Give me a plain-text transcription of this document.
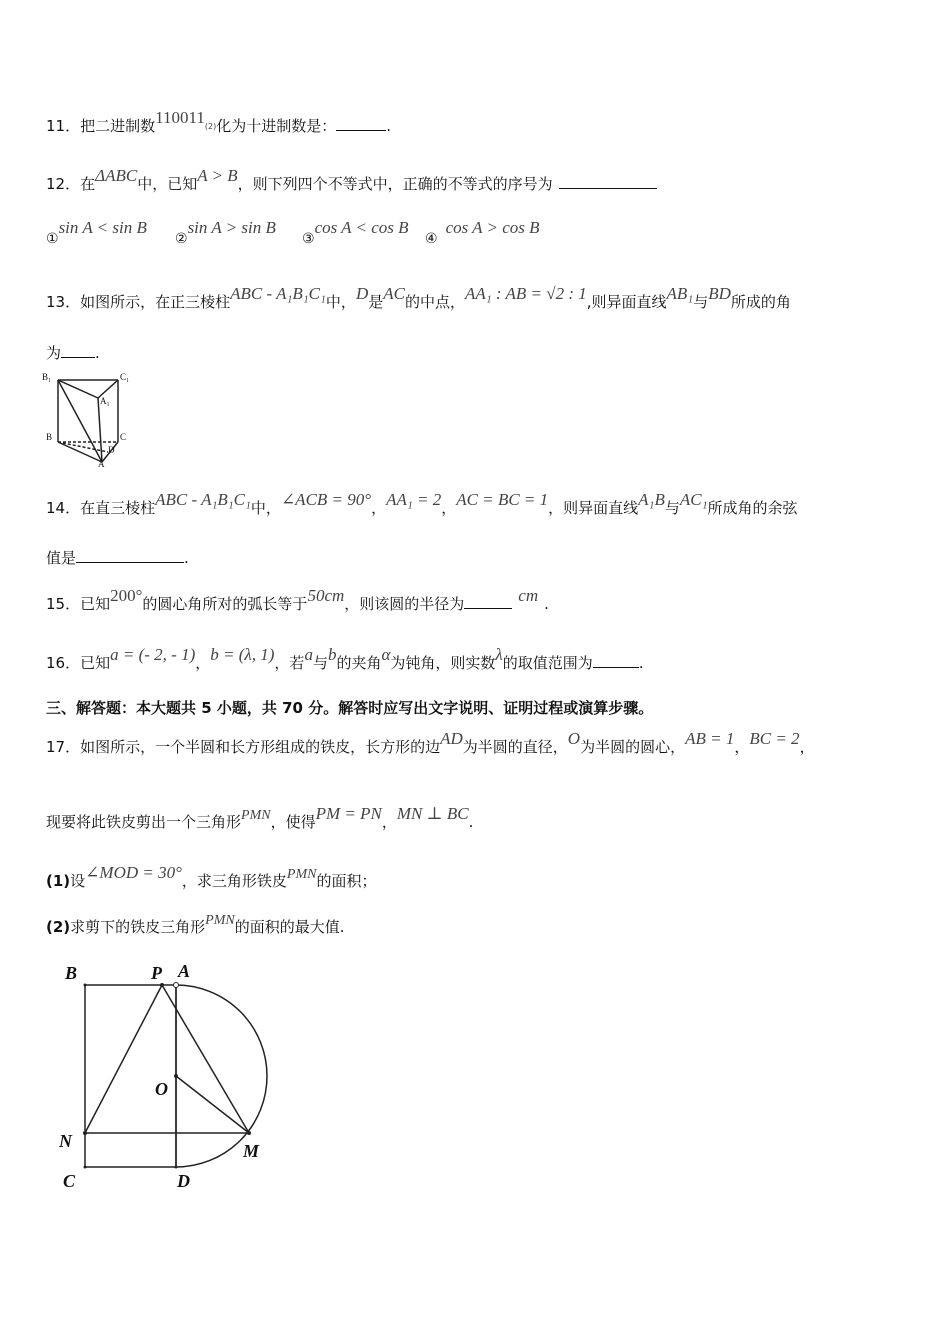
11．把二进制数110011(2)化为十进制数是：	.
12．在ΔABC中，已知A > B，则下列四个不等式中，正确的不等式的序号为
①sin A < sin B
②sin A > sin B
③cos A < cos B
④cos A > cos B
13．如图所示，在正三棱柱ABC - A₁B₁C₁中，D是AC的中点，AA₁ : AB = √2 : 1,则异面直线AB₁与BD所成的角
为 .
B₁	C₁
A₁
B	C
D
A
14．在直三棱柱ABC - A₁B₁C₁中，∠ACB = 90°，AA₁ = 2，AC = BC = 1，则异面直线A₁B与AC₁所成角的余弦
值是	.
15．已知200°的圆心角所对的弧长等于50cm，则该圆的半径为	cm .
16．已知a = (- 2, - 1)，b = (λ, 1)，若a与b的夹角α为钝角，则实数λ的取值范围为	.
三、解答题：本大题共 5 小题，共 70 分。解答时应写出文字说明、证明过程或演算步骤。
17．如图所示，一个半圆和长方形组成的铁皮，长方形的边AD为半圆的直径，O为半圆的圆心，AB = 1，BC = 2，
现要将此铁皮剪出一个三角形PMN，使得PM = PN，MN ⊥ BC.
(1)设∠MOD = 30°，求三角形铁皮PMN的面积；
(2)求剪下的铁皮三角形PMN的面积的最大值.
B	P A
O
N	M
C	D
